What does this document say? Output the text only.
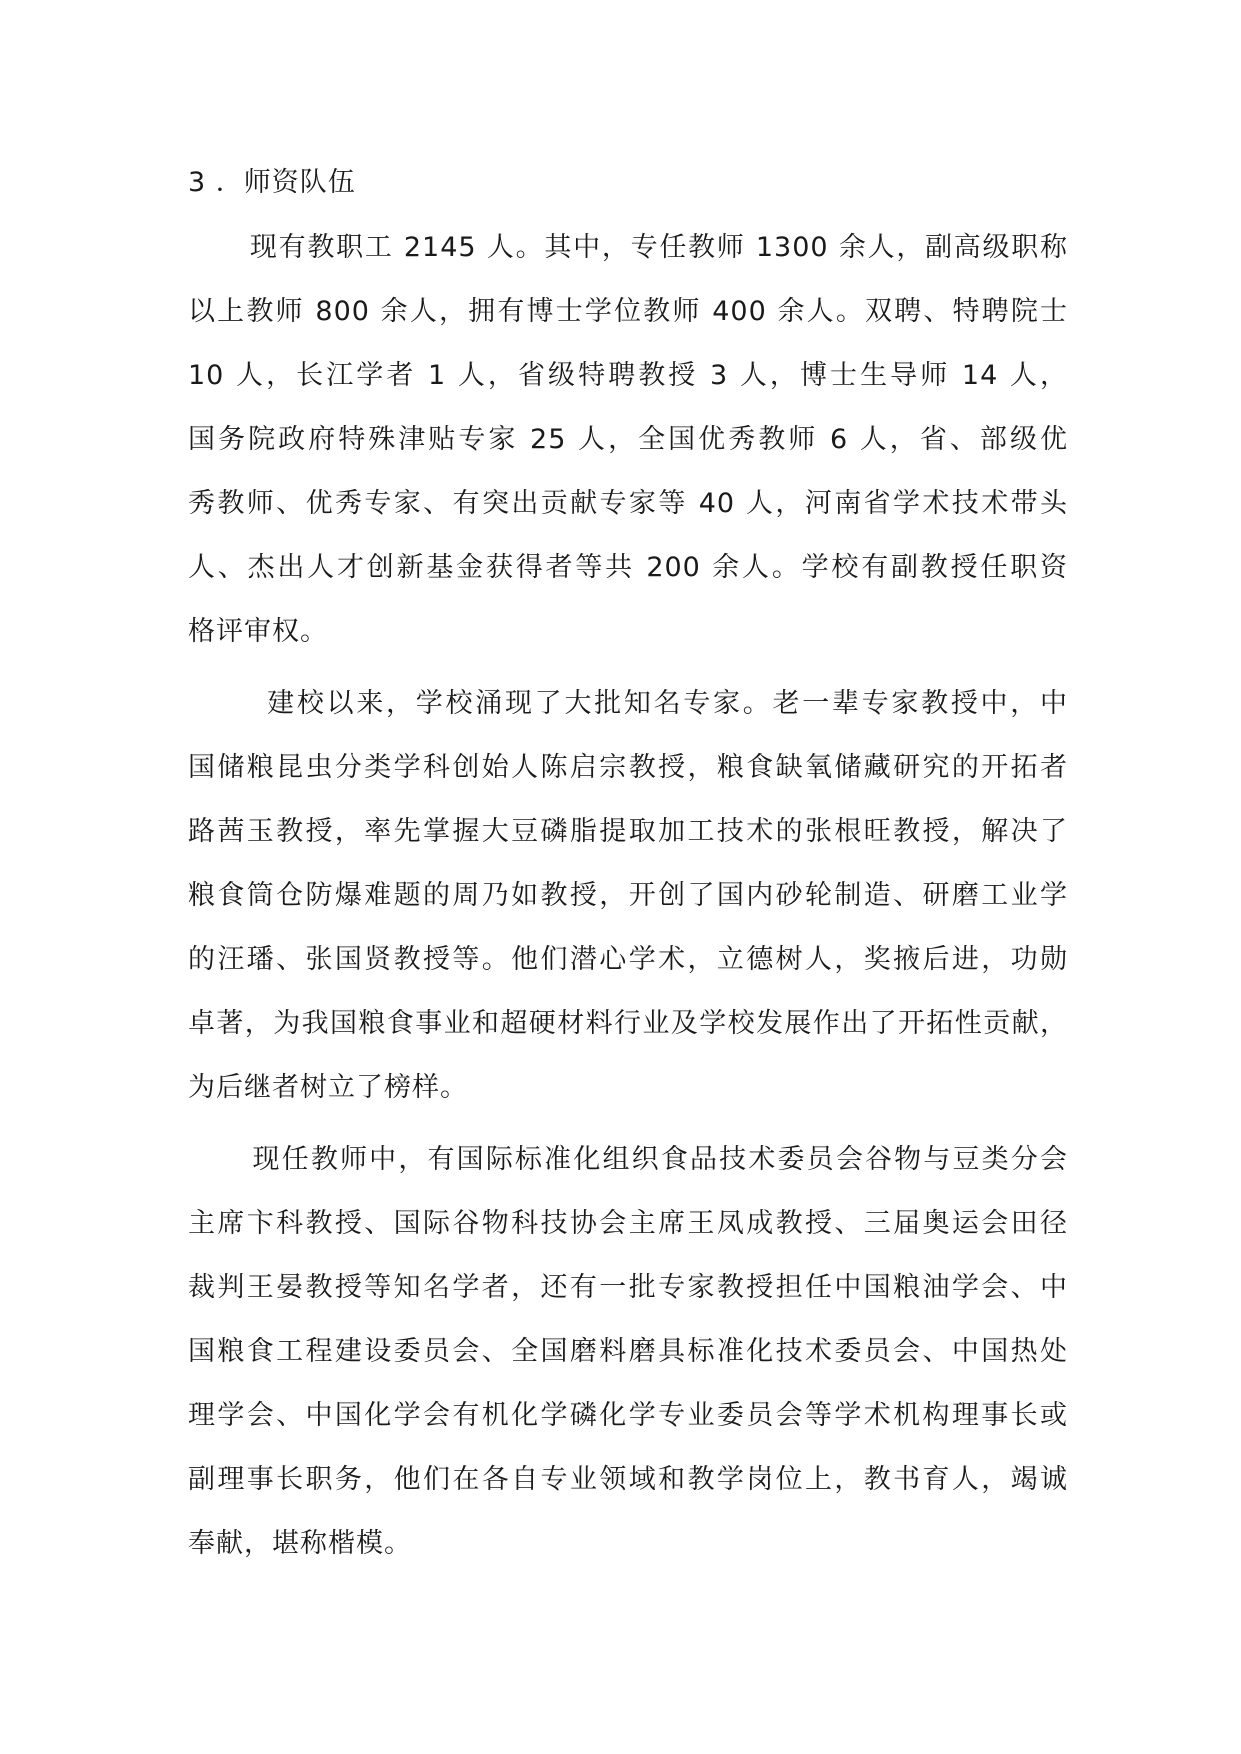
3 ．师资队伍
现有教职工 2145 人。其中，专任教师 1300 余人，副高级职称
以上教师 800 余人，拥有博士学位教师 400 余人。双聘、特聘院士
10 人，长江学者 1 人，省级特聘教授 3 人，博士生导师 14 人，
国务院政府特殊津贴专家 25 人，全国优秀教师 6 人，省、部级优
秀教师、优秀专家、有突出贡献专家等 40 人，河南省学术技术带头
人、杰出人才创新基金获得者等共 200 余人。学校有副教授任职资
格评审权。
建校以来，学校涌现了大批知名专家。老一辈专家教授中，中
国储粮昆虫分类学科创始人陈启宗教授，粮食缺氧储藏研究的开拓者
路茜玉教授，率先掌握大豆磷脂提取加工技术的张根旺教授，解决了
粮食筒仓防爆难题的周乃如教授，开创了国内砂轮制造、研磨工业学
的汪璠、张国贤教授等。他们潜心学术，立德树人，奖掖后进，功勋
卓著，为我国粮食事业和超硬材料行业及学校发展作出了开拓性贡献，
为后继者树立了榜样。
现任教师中，有国际标准化组织食品技术委员会谷物与豆类分会
主席卞科教授、国际谷物科技协会主席王凤成教授、三届奥运会田径
裁判王晏教授等知名学者，还有一批专家教授担任中国粮油学会、中
国粮食工程建设委员会、全国磨料磨具标准化技术委员会、中国热处
理学会、中国化学会有机化学磷化学专业委员会等学术机构理事长或
副理事长职务，他们在各自专业领域和教学岗位上，教书育人，竭诚
奉献，堪称楷模。
